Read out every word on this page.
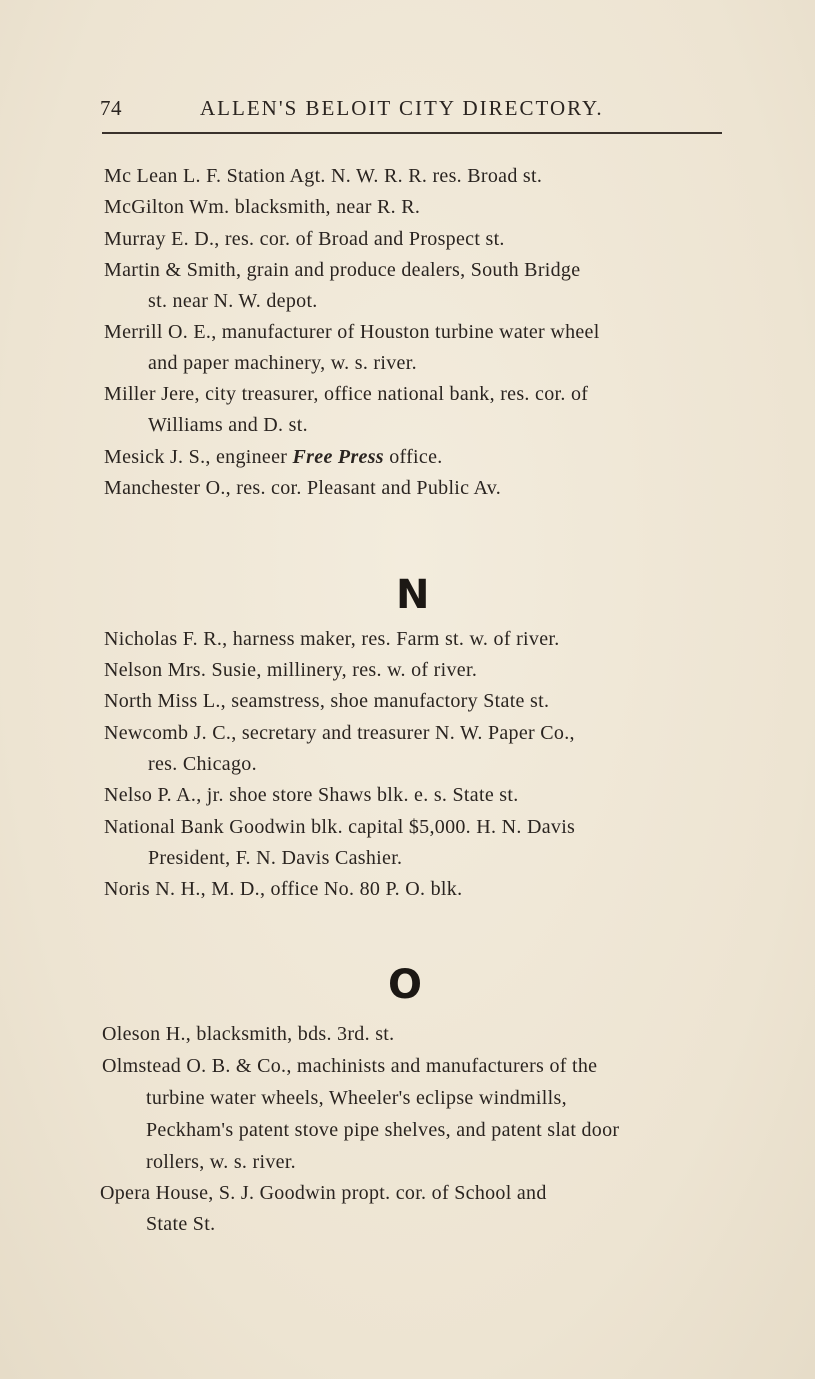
74	ALLEN'S BELOIT CITY DIRECTORY.
Mc Lean L. F. Station Agt. N. W. R. R. res. Broad st.
McGilton Wm. blacksmith, near R. R.
Murray E. D., res. cor. of Broad and Prospect st.
Martin & Smith, grain and produce dealers, South Bridge
st. near N. W. depot.
Merrill O. E., manufacturer of Houston turbine water wheel
and paper machinery, w. s. river.
Miller Jere, city treasurer, office national bank, res. cor. of
Williams and D. st.
Mesick J. S., engineer Free Press office.
Manchester O., res. cor. Pleasant and Public Av.
N
Nicholas F. R., harness maker, res. Farm st. w. of river.
Nelson Mrs. Susie, millinery, res. w. of river.
North Miss L., seamstress, shoe manufactory State st.
Newcomb J. C., secretary and treasurer N. W. Paper Co.,
res. Chicago.
Nelso P. A., jr. shoe store Shaws blk. e. s. State st.
National Bank Goodwin blk. capital $5,000. H. N. Davis
President, F. N. Davis Cashier.
Noris N. H., M. D., office No. 80 P. O. blk.
O
Oleson H., blacksmith, bds. 3rd. st.
Olmstead O. B. & Co., machinists and manufacturers of the
turbine water wheels, Wheeler's eclipse windmills,
Peckham's patent stove pipe shelves, and patent slat door
rollers, w. s. river.
Opera House, S. J. Goodwin propt. cor. of School and
State St.
